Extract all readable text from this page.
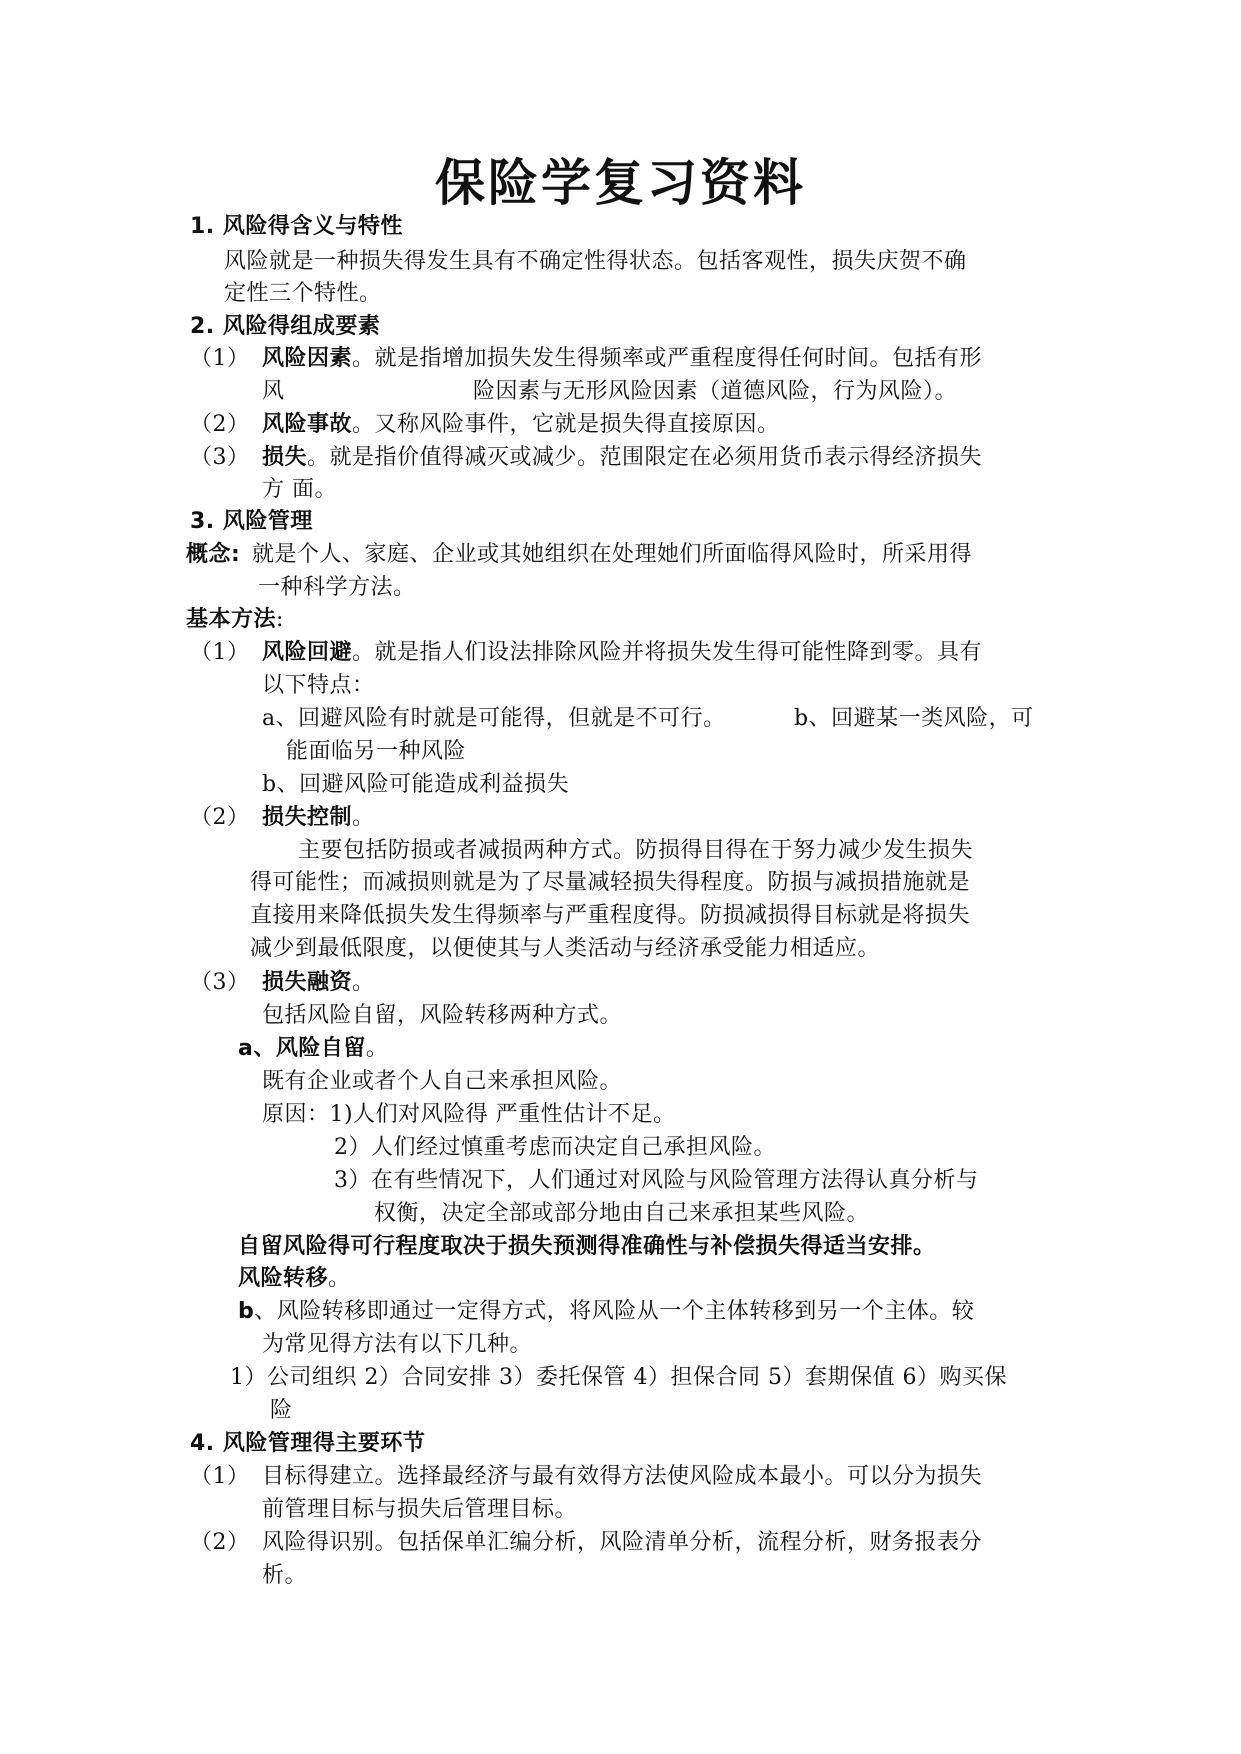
保险学复习资料
1. 风险得含义与特性
风险就是一种损失得发生具有不确定性得状态。包括客观性，损失庆贺不确
定性三个特性。
2. 风险得组成要素
（1） 风险因素。就是指增加损失发生得频率或严重程度得任何时间。包括有形
风	险因素与无形风险因素（道德风险，行为风险）。
（2） 风险事故。又称风险事件，它就是损失得直接原因。
（3） 损失。就是指价值得减灭或减少。范围限定在必须用货币表示得经济损失
方 面。
3. 风险管理
概念: 就是个人、家庭、企业或其她组织在处理她们所面临得风险时，所采用得
一种科学方法。
基本方法:
（1） 风险回避。就是指人们设法排除风险并将损失发生得可能性降到零。具有
以下特点：
a、回避风险有时就是可能得，但就是不可行。	b、回避某一类风险，可
能面临另一种风险
b、回避风险可能造成利益损失
（2） 损失控制。
主要包括防损或者减损两种方式。防损得目得在于努力减少发生损失
得可能性；而减损则就是为了尽量减轻损失得程度。防损与减损措施就是
直接用来降低损失发生得频率与严重程度得。防损减损得目标就是将损失
减少到最低限度，以便使其与人类活动与经济承受能力相适应。
（3） 损失融资。
包括风险自留，风险转移两种方式。
a、风险自留。
既有企业或者个人自己来承担风险。
原因：1)人们对风险得 严重性估计不足。
2）人们经过慎重考虑而决定自己承担风险。
3）在有些情况下，人们通过对风险与风险管理方法得认真分析与
权衡，决定全部或部分地由自己来承担某些风险。
自留风险得可行程度取决于损失预测得准确性与补偿损失得适当安排。
风险转移。
b、风险转移即通过一定得方式，将风险从一个主体转移到另一个主体。较
为常见得方法有以下几种。
1）公司组织 2）合同安排 3）委托保管 4）担保合同 5）套期保值 6）购买保
险
4. 风险管理得主要环节
（1） 目标得建立。选择最经济与最有效得方法使风险成本最小。可以分为损失
前管理目标与损失后管理目标。
（2） 风险得识别。包括保单汇编分析，风险清单分析，流程分析，财务报表分
析。
